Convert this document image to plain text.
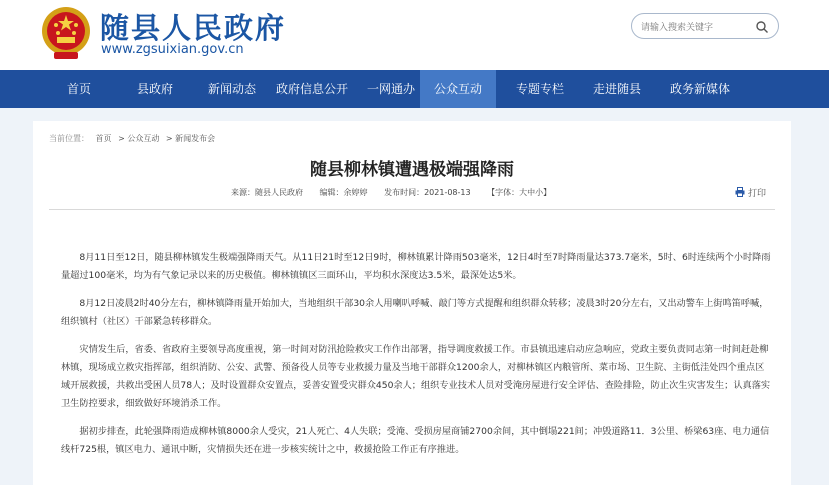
随县人民政府
www.zgsuixian.gov.cn
请输入搜索关键字
首页	县政府	新闻动态	政府信息公开	一网通办	公众互动	专题专栏	走进随县	政务新媒体
当前位置： 首页 > 公众互动 > 新闻发布会
随县柳林镇遭遇极端强降雨
来源：随县人民政府 编辑：余婷婷 发布时间：2021-08-13 【字体：大中小】	打印

8月11日至12日，随县柳林镇发生极端强降雨天气。从11日21时至12日9时，柳林镇累计降雨503毫米，12日4时至7时降雨量达373.7毫米，5时、6时连续两个小时降雨量超过100毫米，均为有气象记录以来的历史极值。柳林镇镇区三面环山，平均积水深度达3.5米，最深处达5米。

8月12日凌晨2时40分左右，柳林镇降雨量开始加大，当地组织干部30余人用喇叭呼喊、敲门等方式提醒和组织群众转移；凌晨3时20分左右，又出动警车上街鸣笛呼喊，组织镇村（社区）干部紧急转移群众。

灾情发生后，省委、省政府主要领导高度重视，第一时间对防汛抢险救灾工作作出部署，指导调度救援工作。市县镇迅速启动应急响应，党政主要负责同志第一时间赶赴柳林镇，现场成立救灾指挥部，组织消防、公安、武警、预备役人员等专业救援力量及当地干部群众1200余人，对柳林镇区内粮管所、菜市场、卫生院、主街低洼处四个重点区域开展救援，共救出受困人员78人；及时设置群众安置点，妥善安置受灾群众450余人；组织专业技术人员对受淹房屋进行安全评估、查险排险，防止次生灾害发生；认真落实卫生防控要求，细致做好环境消杀工作。

据初步排查，此轮强降雨造成柳林镇8000余人受灾，21人死亡、4人失联；受淹、受损房屋商铺2700余间，其中倒塌221间；冲毁道路11．3公里、桥梁63座、电力通信线杆725根，镇区电力、通讯中断，灾情损失还在进一步核实统计之中，救援抢险工作正有序推进。
